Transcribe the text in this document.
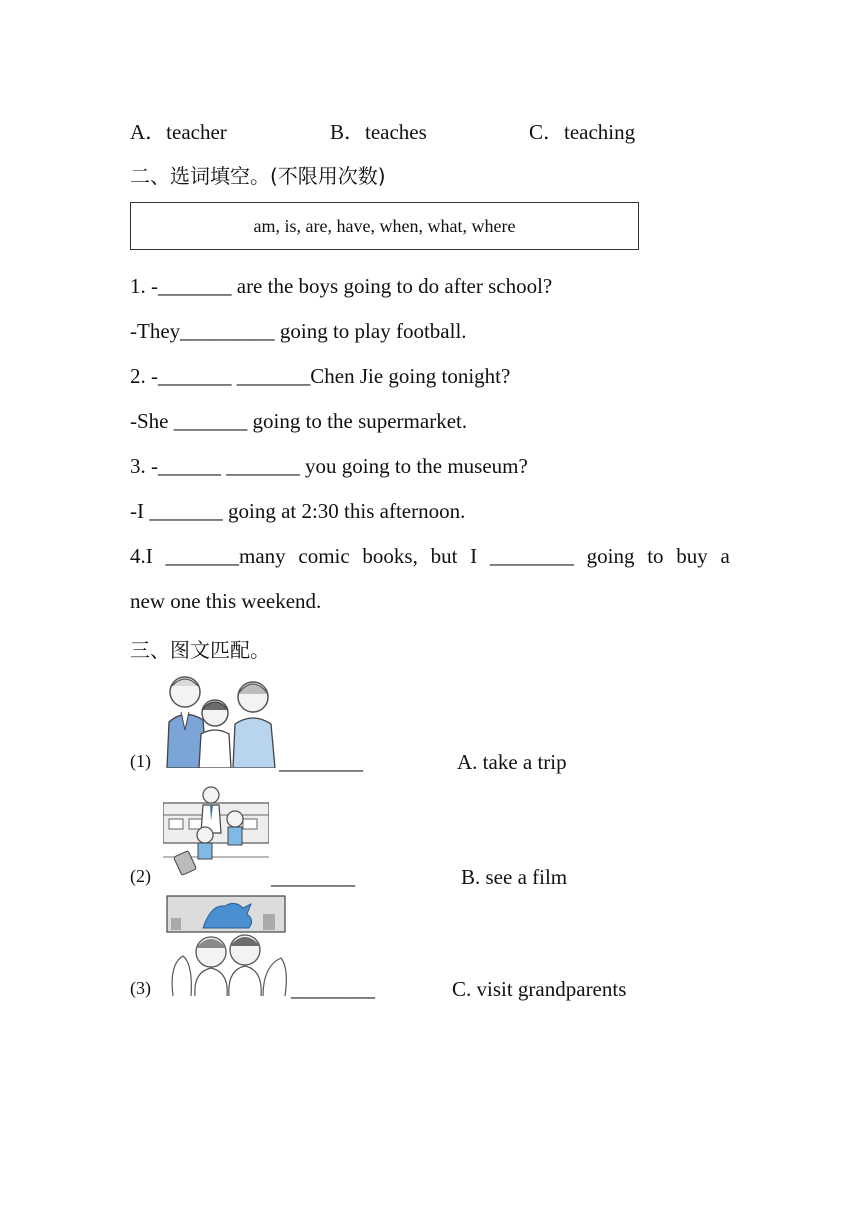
A．teacher	B．teaches	C．teaching
二、选词填空。(不限用次数)
am, is, are, have, when, what, where
1. -_______ are the boys going to do after school?
-They_________ going to play football.
2. -_______ _______Chen Jie going tonight?
-She _______ going to the supermarket.
3. -______ _______ you going to the museum?
-I _______ going at 2:30 this afternoon.
4.I _______many comic books, but I ________ going to buy a
new one this weekend.
三、图文匹配。
(1)	________	A. take a trip
(2)	________	B. see a film
(3)	________	C. visit grandparents
